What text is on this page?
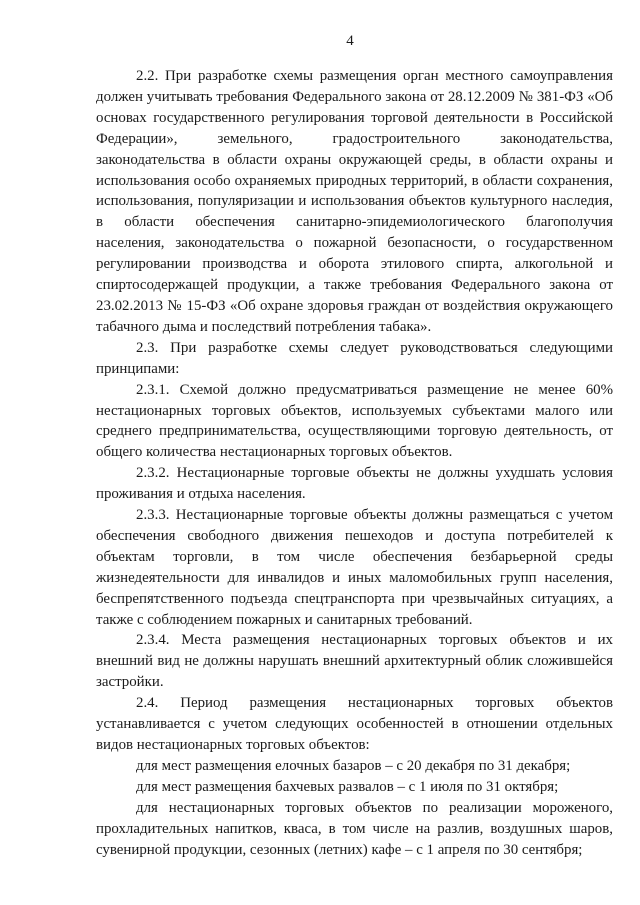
4

2.2. При разработке схемы размещения орган местного самоуправления должен учитывать требования Федерального закона от 28.12.2009 № 381-ФЗ «Об основах государственного регулирования торговой деятельности в Российской Федерации», земельного, градостроительного законодательства, законодательства в области охраны окружающей среды, в области охраны и использования особо охраняемых природных территорий, в области сохранения, использования, популяризации и использования объектов культурного наследия, в области обеспечения санитарно-эпидемиологического благополучия населения, законодательства о пожарной безопасности, о государственном регулировании производства и оборота этилового спирта, алкогольной и спиртосодержащей продукции, а также требования Федерального закона от 23.02.2013 № 15-ФЗ «Об охране здоровья граждан от воздействия окружающего табачного дыма и последствий потребления табака».

2.3. При разработке схемы следует руководствоваться следующими принципами:

2.3.1. Схемой должно предусматриваться размещение не менее 60% нестационарных торговых объектов, используемых субъектами малого или среднего предпринимательства, осуществляющими торговую деятельность, от общего количества нестационарных торговых объектов.

2.3.2. Нестационарные торговые объекты не должны ухудшать условия проживания и отдыха населения.

2.3.3. Нестационарные торговые объекты должны размещаться с учетом обеспечения свободного движения пешеходов и доступа потребителей к объектам торговли, в том числе обеспечения безбарьерной среды жизнедеятельности для инвалидов и иных маломобильных групп населения, беспрепятственного подъезда спецтранспорта при чрезвычайных ситуациях, а также с соблюдением пожарных и санитарных требований.

2.3.4. Места размещения нестационарных торговых объектов и их внешний вид не должны нарушать внешний архитектурный облик сложившейся застройки.

2.4. Период размещения нестационарных торговых объектов устанавливается с учетом следующих особенностей в отношении отдельных видов нестационарных торговых объектов:

для мест размещения елочных базаров – с 20 декабря по 31 декабря;

для мест размещения бахчевых развалов – с 1 июля по 31 октября;

для нестационарных торговых объектов по реализации мороженого, прохладительных напитков, кваса, в том числе на разлив, воздушных шаров, сувенирной продукции, сезонных (летних) кафе – с 1 апреля по 30 сентября;
